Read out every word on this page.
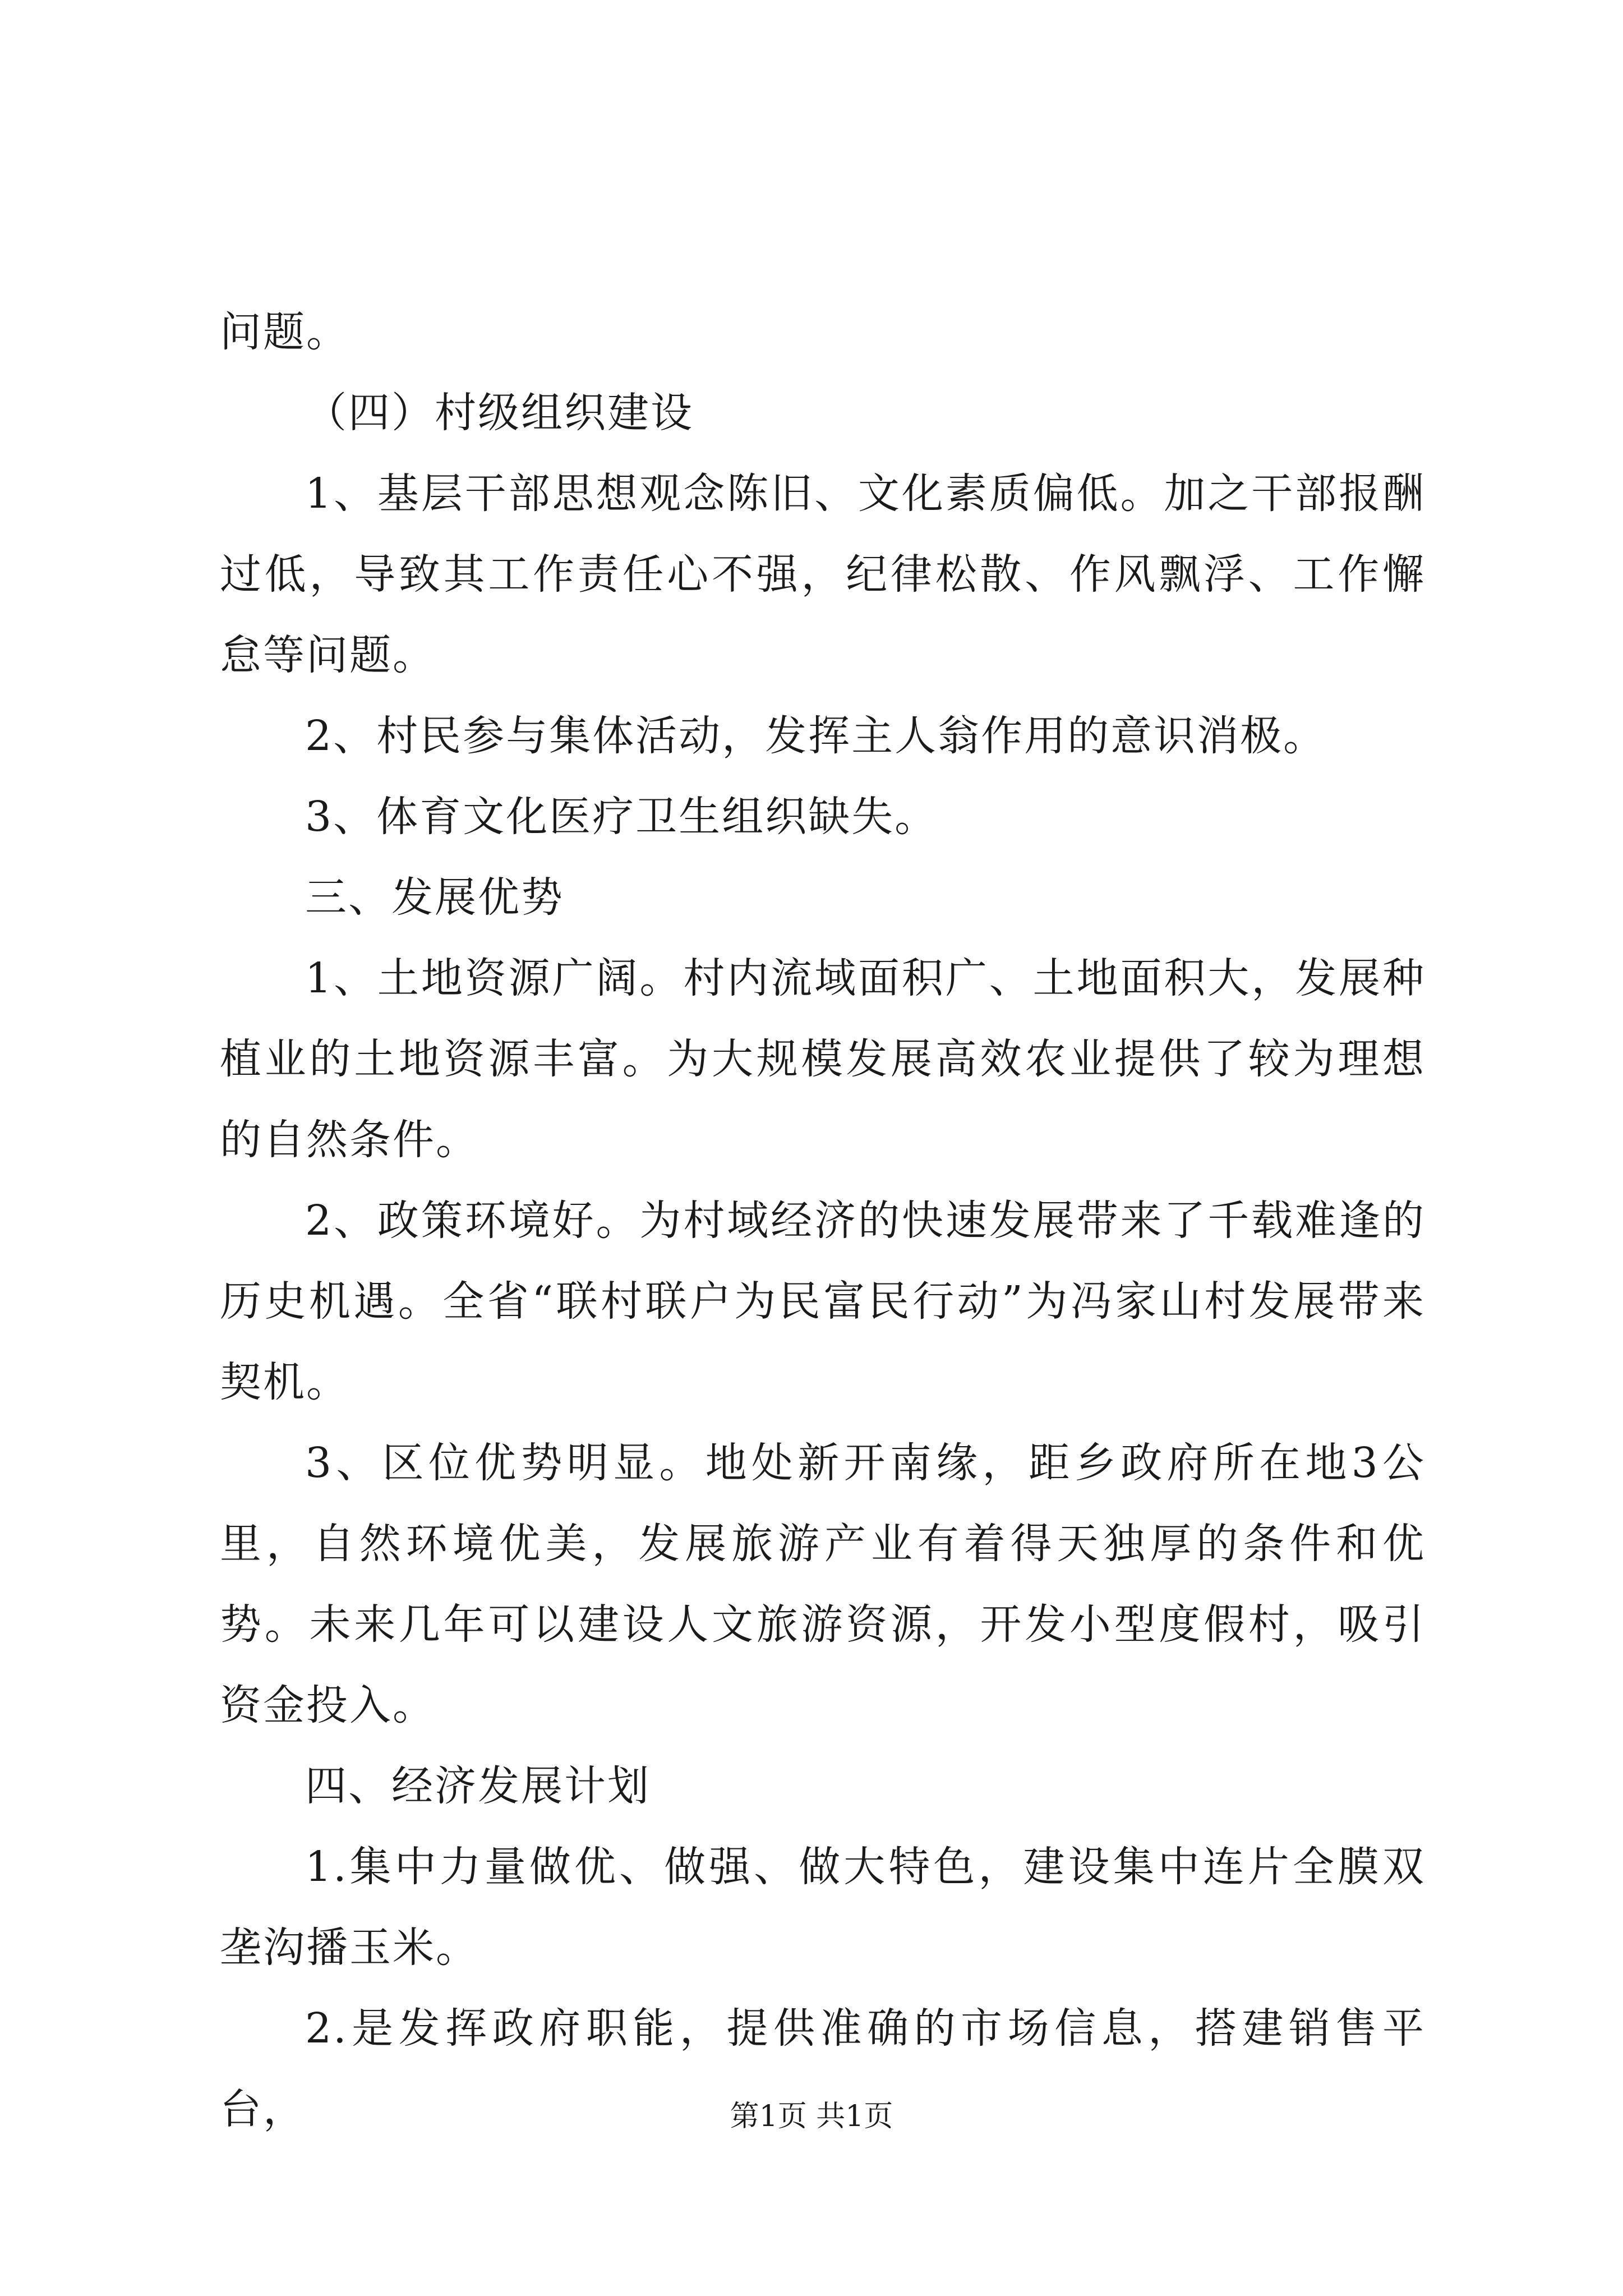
问题。

（四）村级组织建设

1、基层干部思想观念陈旧、文化素质偏低。加之干部报酬过低，导致其工作责任心不强，纪律松散、作风飘浮、工作懈怠等问题。

2、村民参与集体活动，发挥主人翁作用的意识消极。

3、体育文化医疗卫生组织缺失。

三、发展优势

1、土地资源广阔。村内流域面积广、土地面积大，发展种植业的土地资源丰富。为大规模发展高效农业提供了较为理想的自然条件。

2、政策环境好。为村域经济的快速发展带来了千载难逢的历史机遇。全省“联村联户为民富民行动”为冯家山村发展带来契机。

3、区位优势明显。地处新开南缘，距乡政府所在地3公里，自然环境优美，发展旅游产业有着得天独厚的条件和优势。未来几年可以建设人文旅游资源，开发小型度假村，吸引资金投入。

四、经济发展计划

1.集中力量做优、做强、做大特色，建设集中连片全膜双垄沟播玉米。

2.是发挥政府职能，提供准确的市场信息，搭建销售平台，	第1页 共1页
